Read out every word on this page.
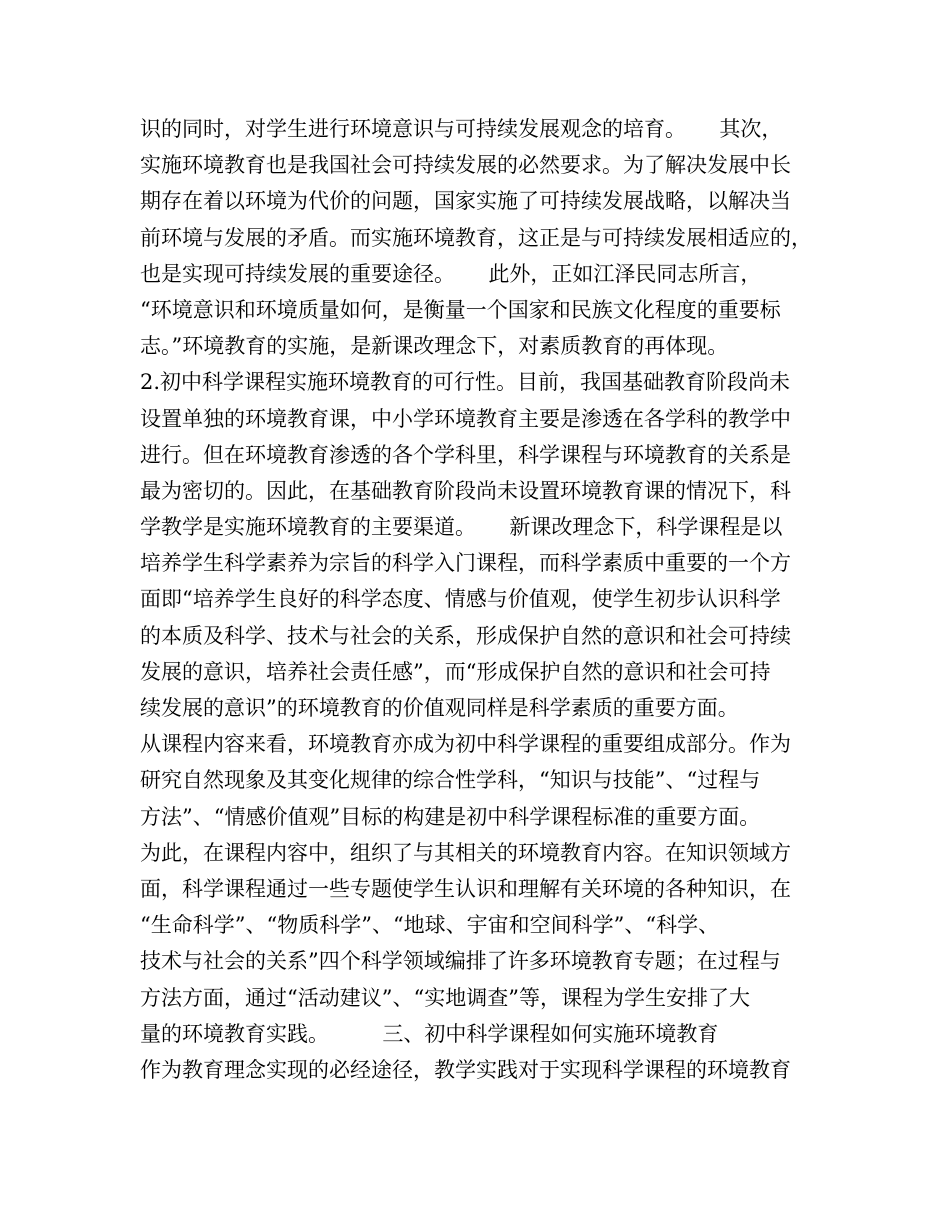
识的同时，对学生进行环境意识与可持续发展观念的培育。     其次，
实施环境教育也是我国社会可持续发展的必然要求。为了解决发展中长
期存在着以环境为代价的问题，国家实施了可持续发展战略，以解决当
前环境与发展的矛盾。而实施环境教育，这正是与可持续发展相适应的，
也是实现可持续发展的重要途径。     此外，正如江泽民同志所言，
“环境意识和环境质量如何，是衡量一个国家和民族文化程度的重要标
志。”环境教育的实施，是新课改理念下，对素质教育的再体现。
2.初中科学课程实施环境教育的可行性。目前，我国基础教育阶段尚未
设置单独的环境教育课，中小学环境教育主要是渗透在各学科的教学中
进行。但在环境教育渗透的各个学科里，科学课程与环境教育的关系是
最为密切的。因此，在基础教育阶段尚未设置环境教育课的情况下，科
学教学是实施环境教育的主要渠道。     新课改理念下，科学课程是以
培养学生科学素养为宗旨的科学入门课程，而科学素质中重要的一个方
面即“培养学生良好的科学态度、情感与价值观，使学生初步认识科学
的本质及科学、技术与社会的关系，形成保护自然的意识和社会可持续
发展的意识，培养社会责任感”，而“形成保护自然的意识和社会可持
续发展的意识”的环境教育的价值观同样是科学素质的重要方面。
从课程内容来看，环境教育亦成为初中科学课程的重要组成部分。作为
研究自然现象及其变化规律的综合性学科，“知识与技能”、“过程与
方法”、“情感价值观”目标的构建是初中科学课程标准的重要方面。
为此，在课程内容中，组织了与其相关的环境教育内容。在知识领域方
面，科学课程通过一些专题使学生认识和理解有关环境的各种知识，在
“生命科学”、“物质科学”、“地球、宇宙和空间科学”、“科学、
技术与社会的关系”四个科学领域编排了许多环境教育专题；在过程与
方法方面，通过“活动建议”、“实地调查”等，课程为学生安排了大
量的环境教育实践。        三、初中科学课程如何实施环境教育
作为教育理念实现的必经途径，教学实践对于实现科学课程的环境教育
